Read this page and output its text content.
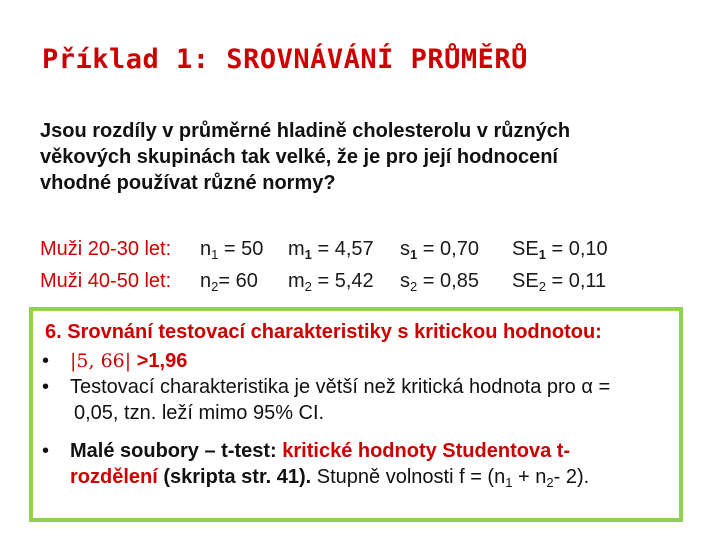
Příklad 1: SROVNÁVÁNÍ PRŮMĚRŮ
Jsou rozdíly v průměrné hladině cholesterolu v různých
věkových skupinách tak velké, že je pro její hodnocení
vhodné používat různé normy?
Muži 20-30 let:	$n_1 = 50$	$m_1 = 4,57$	$s_1 = 0,70$	$SE_1 = 0,10$
Muži 40-50 let:	$n_2= 60$	$m_2 = 5,42$	$s_2 = 0,85$	$SE_2 = 0,11$
6. Srovnání testovací charakteristiky s kritickou hodnotou:
•	|5, 66| >1,96
•	Testovací charakteristika je větší než kritická hodnota pro α =
0,05, tzn. leží mimo 95% CI.
•	Malé soubory – t-test: kritické hodnoty Studentova t-
rozdělení (skripta str. 41). Stupně volnosti $f = (n_1 + n_2-$ 2).
